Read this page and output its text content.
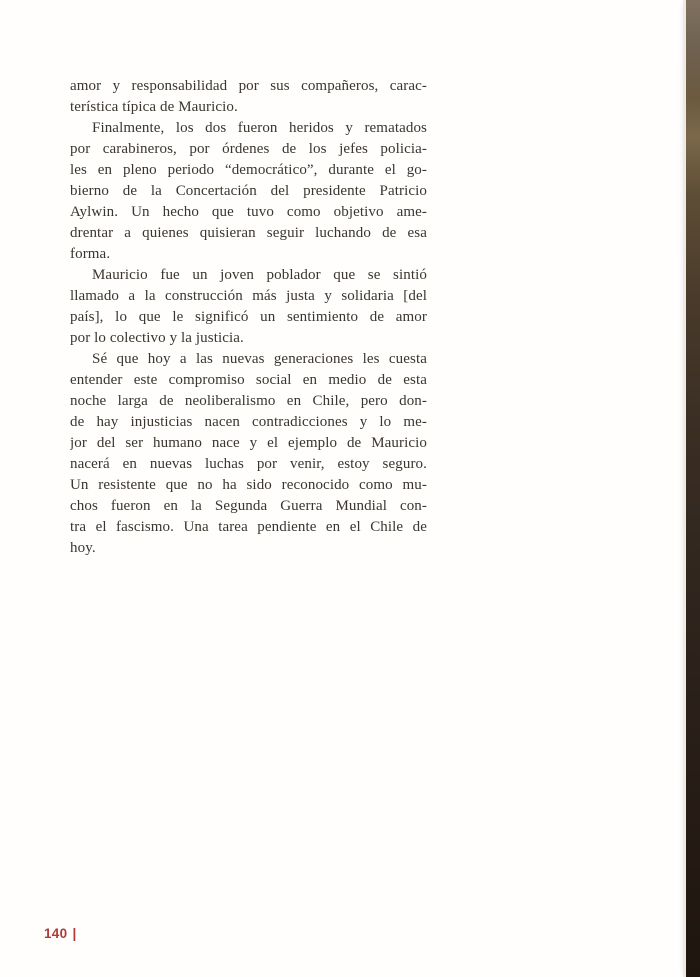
amor y responsabilidad por sus compañeros, carac-
terística típica de Mauricio.
Finalmente, los dos fueron heridos y rematados
por carabineros, por órdenes de los jefes policia-
les en pleno periodo “democrático”, durante el go-
bierno de la Concertación del presidente Patricio
Aylwin. Un hecho que tuvo como objetivo ame-
drentar a quienes quisieran seguir luchando de esa
forma.
Mauricio fue un joven poblador que se sintió
llamado a la construcción más justa y solidaria [del
país], lo que le significó un sentimiento de amor
por lo colectivo y la justicia.
Sé que hoy a las nuevas generaciones les cuesta
entender este compromiso social en medio de esta
noche larga de neoliberalismo en Chile, pero don-
de hay injusticias nacen contradicciones y lo me-
jor del ser humano nace y el ejemplo de Mauricio
nacerá en nuevas luchas por venir, estoy seguro.
Un resistente que no ha sido reconocido como mu-
chos fueron en la Segunda Guerra Mundial con-
tra el fascismo. Una tarea pendiente en el Chile de
hoy.
140 |
